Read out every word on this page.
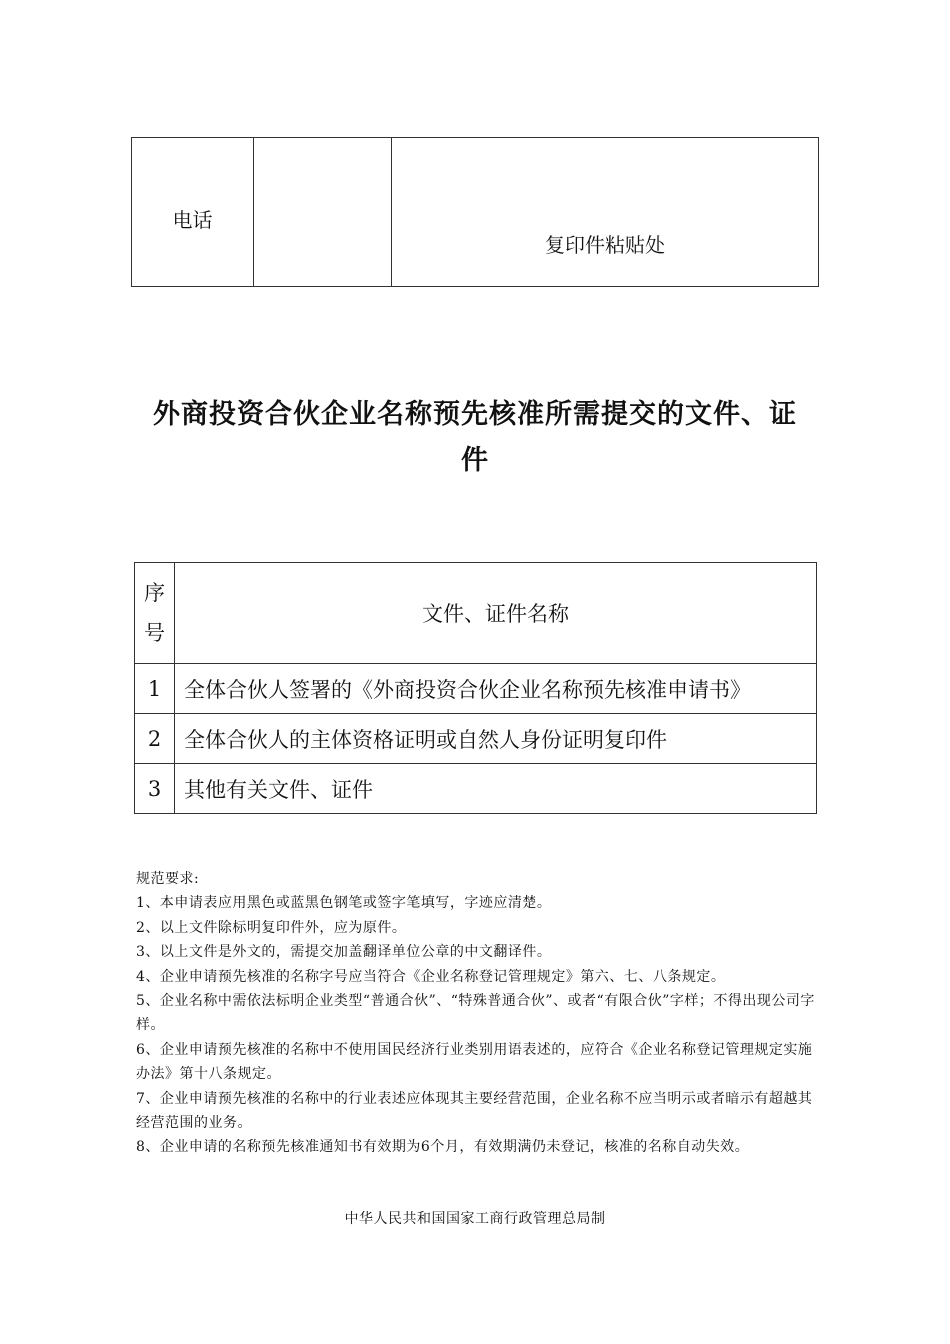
电话		复印件粘贴处
外商投资合伙企业名称预先核准所需提交的文件、证件
序
号	文件、证件名称
1	全体合伙人签署的《外商投资合伙企业名称预先核准申请书》
2	全体合伙人的主体资格证明或自然人身份证明复印件
3	其他有关文件、证件
规范要求:
1、本申请表应用黑色或蓝黑色钢笔或签字笔填写，字迹应清楚。
2、以上文件除标明复印件外，应为原件。
3、以上文件是外文的，需提交加盖翻译单位公章的中文翻译件。
4、企业申请预先核准的名称字号应当符合《企业名称登记管理规定》第六、七、八条规定。
5、企业名称中需依法标明企业类型“普通合伙”、“特殊普通合伙”、或者“有限合伙”字样；不得出现公司字样。
6、企业申请预先核准的名称中不使用国民经济行业类别用语表述的，应符合《企业名称登记管理规定实施办法》第十八条规定。
7、企业申请预先核准的名称中的行业表述应体现其主要经营范围，企业名称不应当明示或者暗示有超越其经营范围的业务。
8、企业申请的名称预先核准通知书有效期为6个月，有效期满仍未登记，核准的名称自动失效。
中华人民共和国国家工商行政管理总局制
